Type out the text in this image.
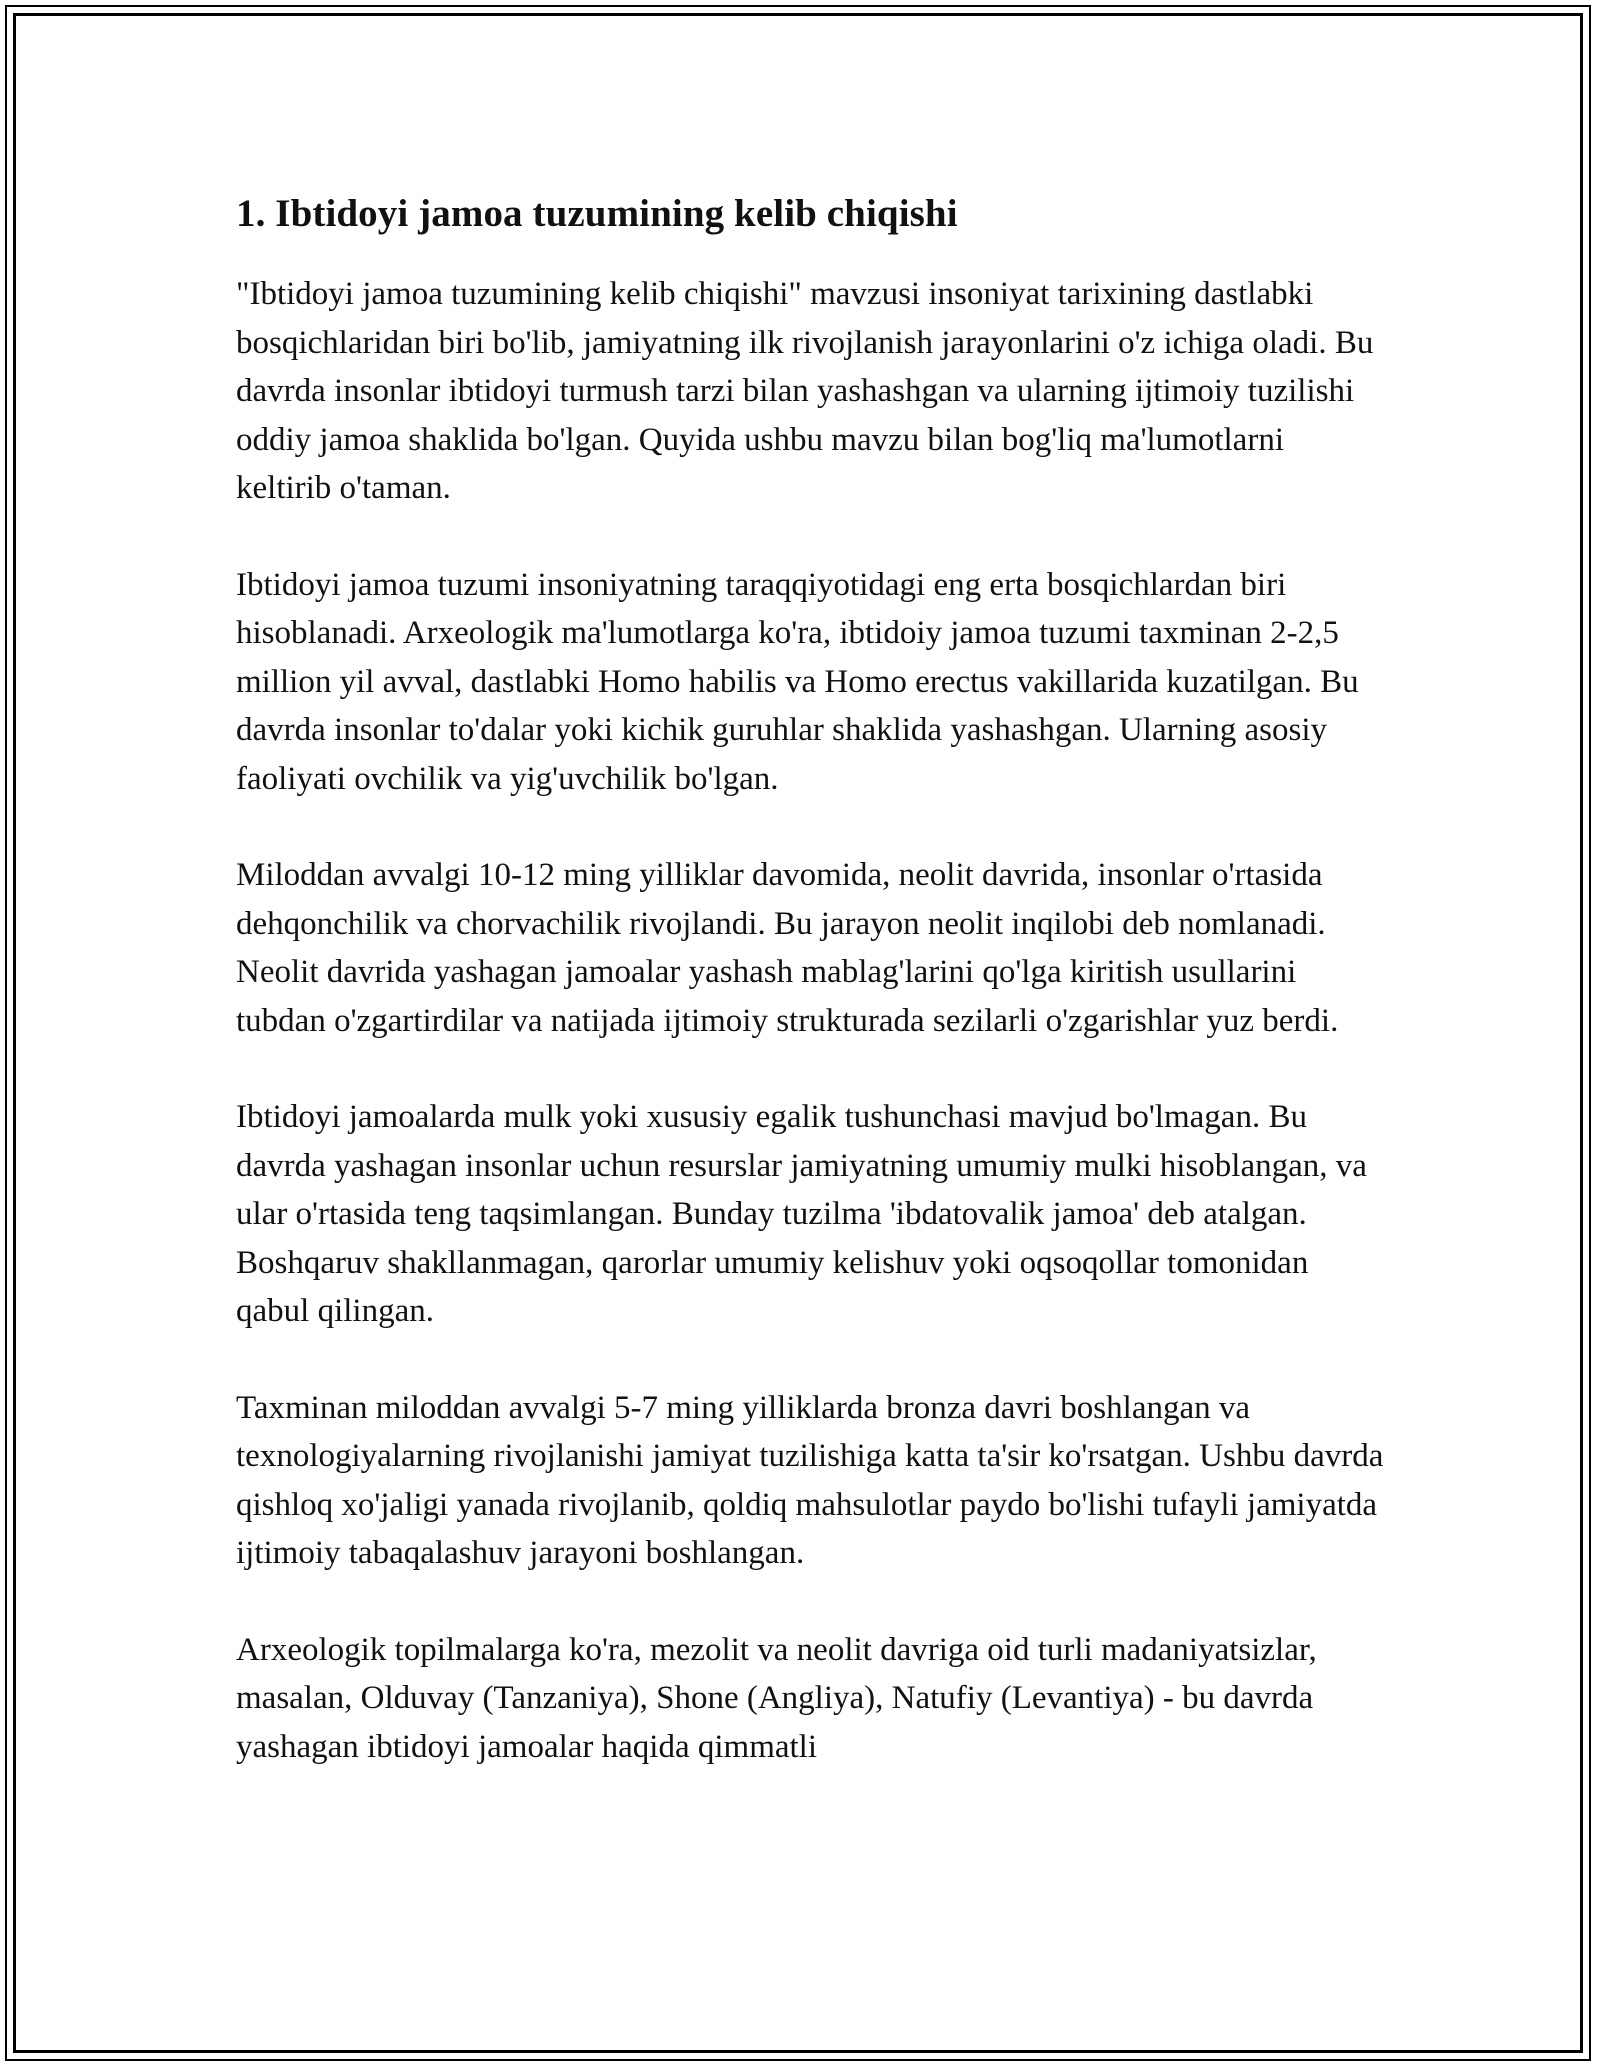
1. Ibtidoyi jamoa tuzumining kelib chiqishi

"Ibtidoyi jamoa tuzumining kelib chiqishi" mavzusi insoniyat tarixining dastlabki bosqichlaridan biri bo'lib, jamiyatning ilk rivojlanish jarayonlarini o'z ichiga oladi. Bu davrda insonlar ibtidoyi turmush tarzi bilan yashashgan va ularning ijtimoiy tuzilishi oddiy jamoa shaklida bo'lgan. Quyida ushbu mavzu bilan bog'liq ma'lumotlarni keltirib o'taman.

Ibtidoyi jamoa tuzumi insoniyatning taraqqiyotidagi eng erta bosqichlardan biri hisoblanadi. Arxeologik ma'lumotlarga ko'ra, ibtidoiy jamoa tuzumi taxminan 2-2,5 million yil avval, dastlabki Homo habilis va Homo erectus vakillarida kuzatilgan. Bu davrda insonlar to'dalar yoki kichik guruhlar shaklida yashashgan. Ularning asosiy faoliyati ovchilik va yig'uvchilik bo'lgan.

Miloddan avvalgi 10-12 ming yilliklar davomida, neolit davrida, insonlar o'rtasida dehqonchilik va chorvachilik rivojlandi. Bu jarayon neolit inqilobi deb nomlanadi. Neolit davrida yashagan jamoalar yashash mablag'larini qo'lga kiritish usullarini tubdan o'zgartirdilar va natijada ijtimoiy strukturada sezilarli o'zgarishlar yuz berdi.

Ibtidoyi jamoalarda mulk yoki xususiy egalik tushunchasi mavjud bo'lmagan. Bu davrda yashagan insonlar uchun resurslar jamiyatning umumiy mulki hisoblangan, va ular o'rtasida teng taqsimlangan. Bunday tuzilma 'ibdatovalik jamoa' deb atalgan. Boshqaruv shakllanmagan, qarorlar umumiy kelishuv yoki oqsoqollar tomonidan qabul qilingan.

Taxminan miloddan avvalgi 5-7 ming yilliklarda bronza davri boshlangan va texnologiyalarning rivojlanishi jamiyat tuzilishiga katta ta'sir ko'rsatgan. Ushbu davrda qishloq xo'jaligi yanada rivojlanib, qoldiq mahsulotlar paydo bo'lishi tufayli jamiyatda ijtimoiy tabaqalashuv jarayoni boshlangan.

Arxeologik topilmalarga ko'ra, mezolit va neolit davriga oid turli madaniyatsizlar, masalan, Olduvay (Tanzaniya), Shone (Angliya), Natufiy (Levantiya) - bu davrda yashagan ibtidoyi jamoalar haqida qimmatli
